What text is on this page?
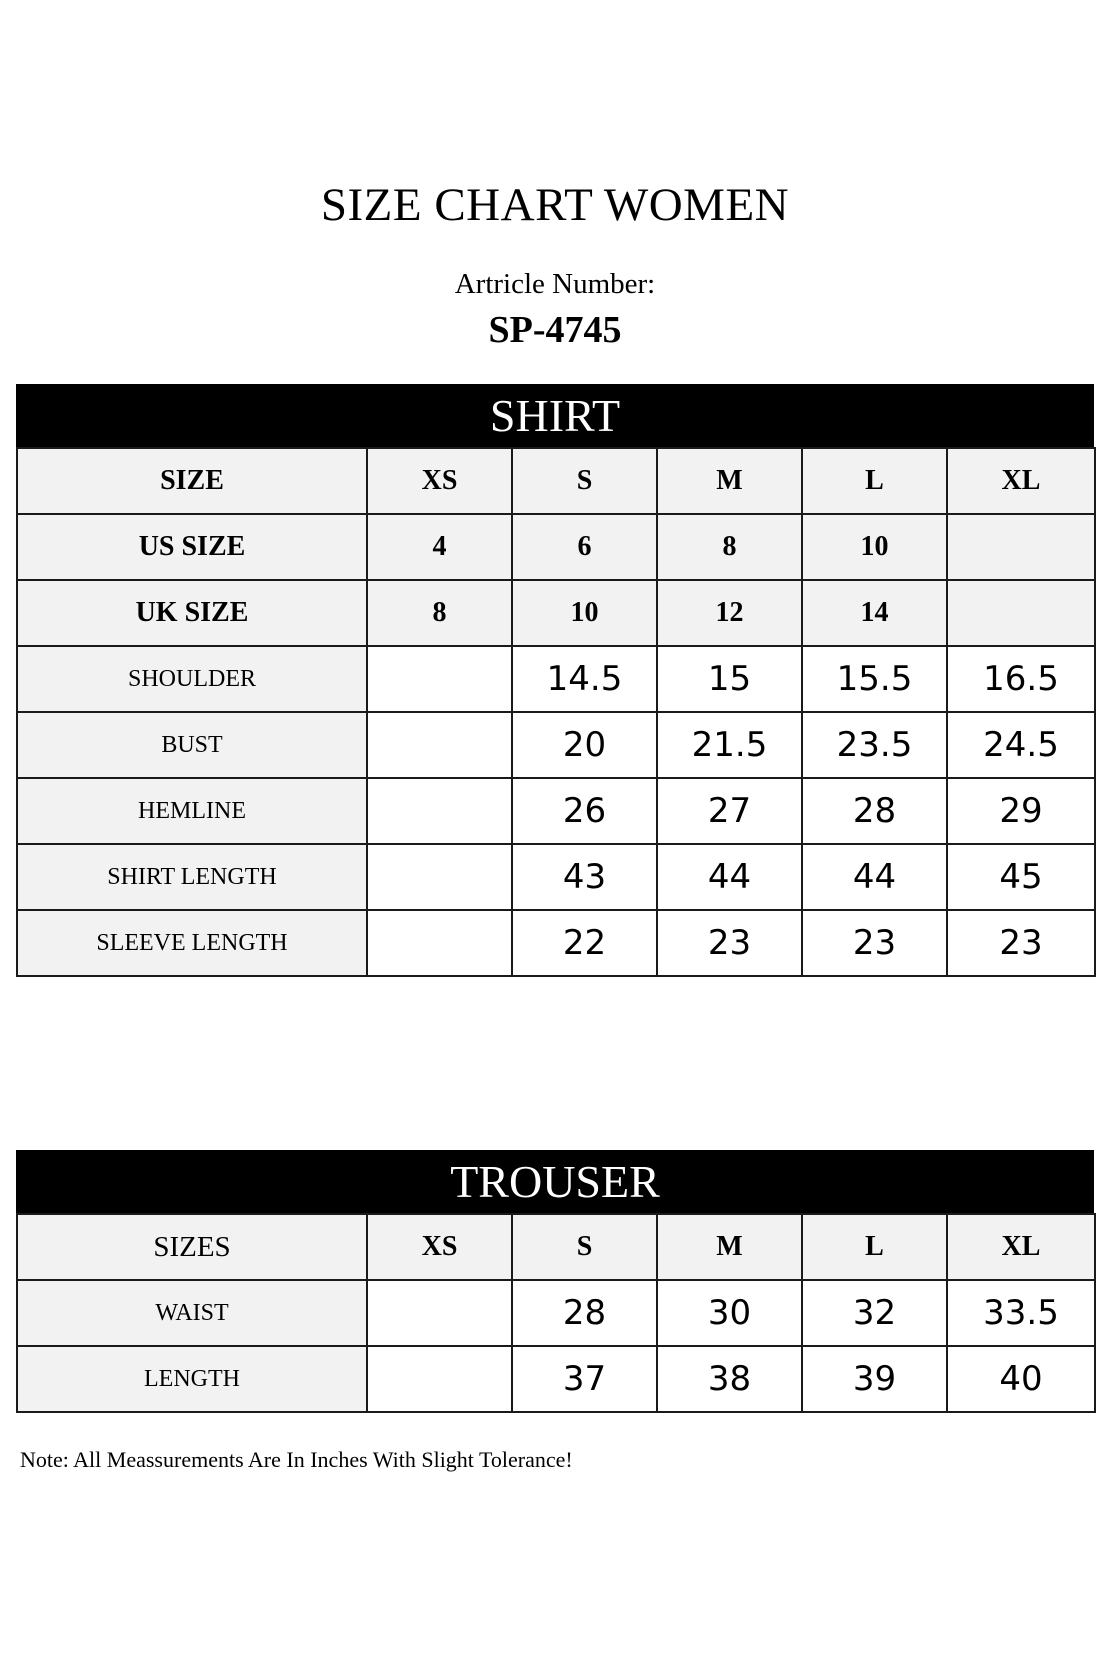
SIZE CHART WOMEN
Artricle Number:
SP-4745
SHIRT
SIZE	XS	S	M	L	XL
US SIZE	4	6	8	10	
UK SIZE	8	10	12	14	
SHOULDER		14.5	15	15.5	16.5
BUST		20	21.5	23.5	24.5
HEMLINE		26	27	28	29
SHIRT LENGTH		43	44	44	45
SLEEVE LENGTH		22	23	23	23
TROUSER
SIZES	XS	S	M	L	XL
WAIST		28	30	32	33.5
LENGTH		37	38	39	40
Note: All Meassurements Are In Inches With Slight Tolerance!
